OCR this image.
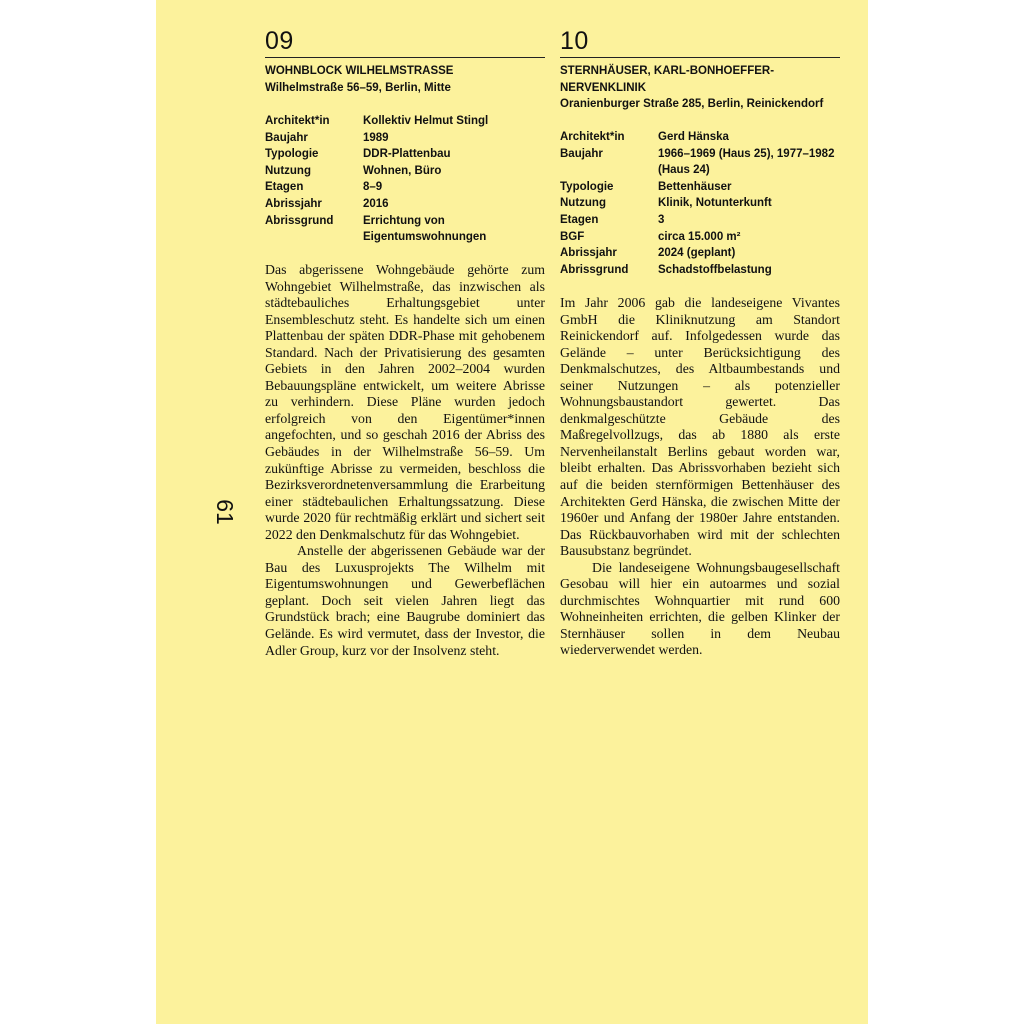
61
09
WOHNBLOCK WILHELMSTRASSE
Wilhelmstraße 56–59, Berlin, Mitte
Architekt*in	Kollektiv Helmut Stingl
Baujahr	1989
Typologie	DDR-Plattenbau
Nutzung	Wohnen, Büro
Etagen	8–9
Abrissjahr	2016
Abrissgrund	Errichtung von Eigentumswohnungen

Das abgerissene Wohngebäude gehörte zum Wohngebiet Wilhelmstraße, das inzwischen als städtebauliches Erhaltungsgebiet unter Ensembleschutz steht. Es handelte sich um einen Plattenbau der späten DDR-Phase mit gehobenem Standard. Nach der Privatisierung des gesamten Gebiets in den Jahren 2002–2004 wurden Bebauungspläne entwickelt, um weitere Abrisse zu verhindern. Diese Pläne wurden jedoch erfolgreich von den Eigentümer*innen angefochten, und so geschah 2016 der Abriss des Gebäudes in der Wilhelmstraße 56–59. Um zukünftige Abrisse zu vermeiden, beschloss die Bezirksverordnetenversammlung die Erarbeitung einer städtebaulichen Erhaltungssatzung. Diese wurde 2020 für rechtmäßig erklärt und sichert seit 2022 den Denkmalschutz für das Wohngebiet.

Anstelle der abgerissenen Gebäude war der Bau des Luxusprojekts The Wilhelm mit Eigentumswohnungen und Gewerbeflächen geplant. Doch seit vielen Jahren liegt das Grundstück brach; eine Baugrube dominiert das Gelände. Es wird vermutet, dass der Investor, die Adler Group, kurz vor der Insolvenz steht.

10
STERNHÄUSER, KARL-BONHOEFFER-NERVENKLINIK
Oranienburger Straße 285, Berlin, Reinickendorf
Architekt*in	Gerd Hänska
Baujahr	1966–1969 (Haus 25), 1977–1982 (Haus 24)
Typologie	Bettenhäuser
Nutzung	Klinik, Notunterkunft
Etagen	3
BGF	circa 15.000 m²
Abrissjahr	2024 (geplant)
Abrissgrund	Schadstoffbelastung

Im Jahr 2006 gab die landeseigene Vivantes GmbH die Kliniknutzung am Standort Reinickendorf auf. Infolgedessen wurde das Gelände – unter Berücksichtigung des Denkmalschutzes, des Altbaumbestands und seiner Nutzungen – als potenzieller Wohnungsbaustandort gewertet. Das denkmalgeschützte Gebäude des Maßregelvollzugs, das ab 1880 als erste Nervenheilanstalt Berlins gebaut worden war, bleibt erhalten. Das Abrissvorhaben bezieht sich auf die beiden sternförmigen Bettenhäuser des Architekten Gerd Hänska, die zwischen Mitte der 1960er und Anfang der 1980er Jahre entstanden. Das Rückbauvorhaben wird mit der schlechten Bausubstanz begründet.

Die landeseigene Wohnungsbaugesellschaft Gesobau will hier ein autoarmes und sozial durchmischtes Wohnquartier mit rund 600 Wohneinheiten errichten, die gelben Klinker der Sternhäuser sollen in dem Neubau wiederverwendet werden.
